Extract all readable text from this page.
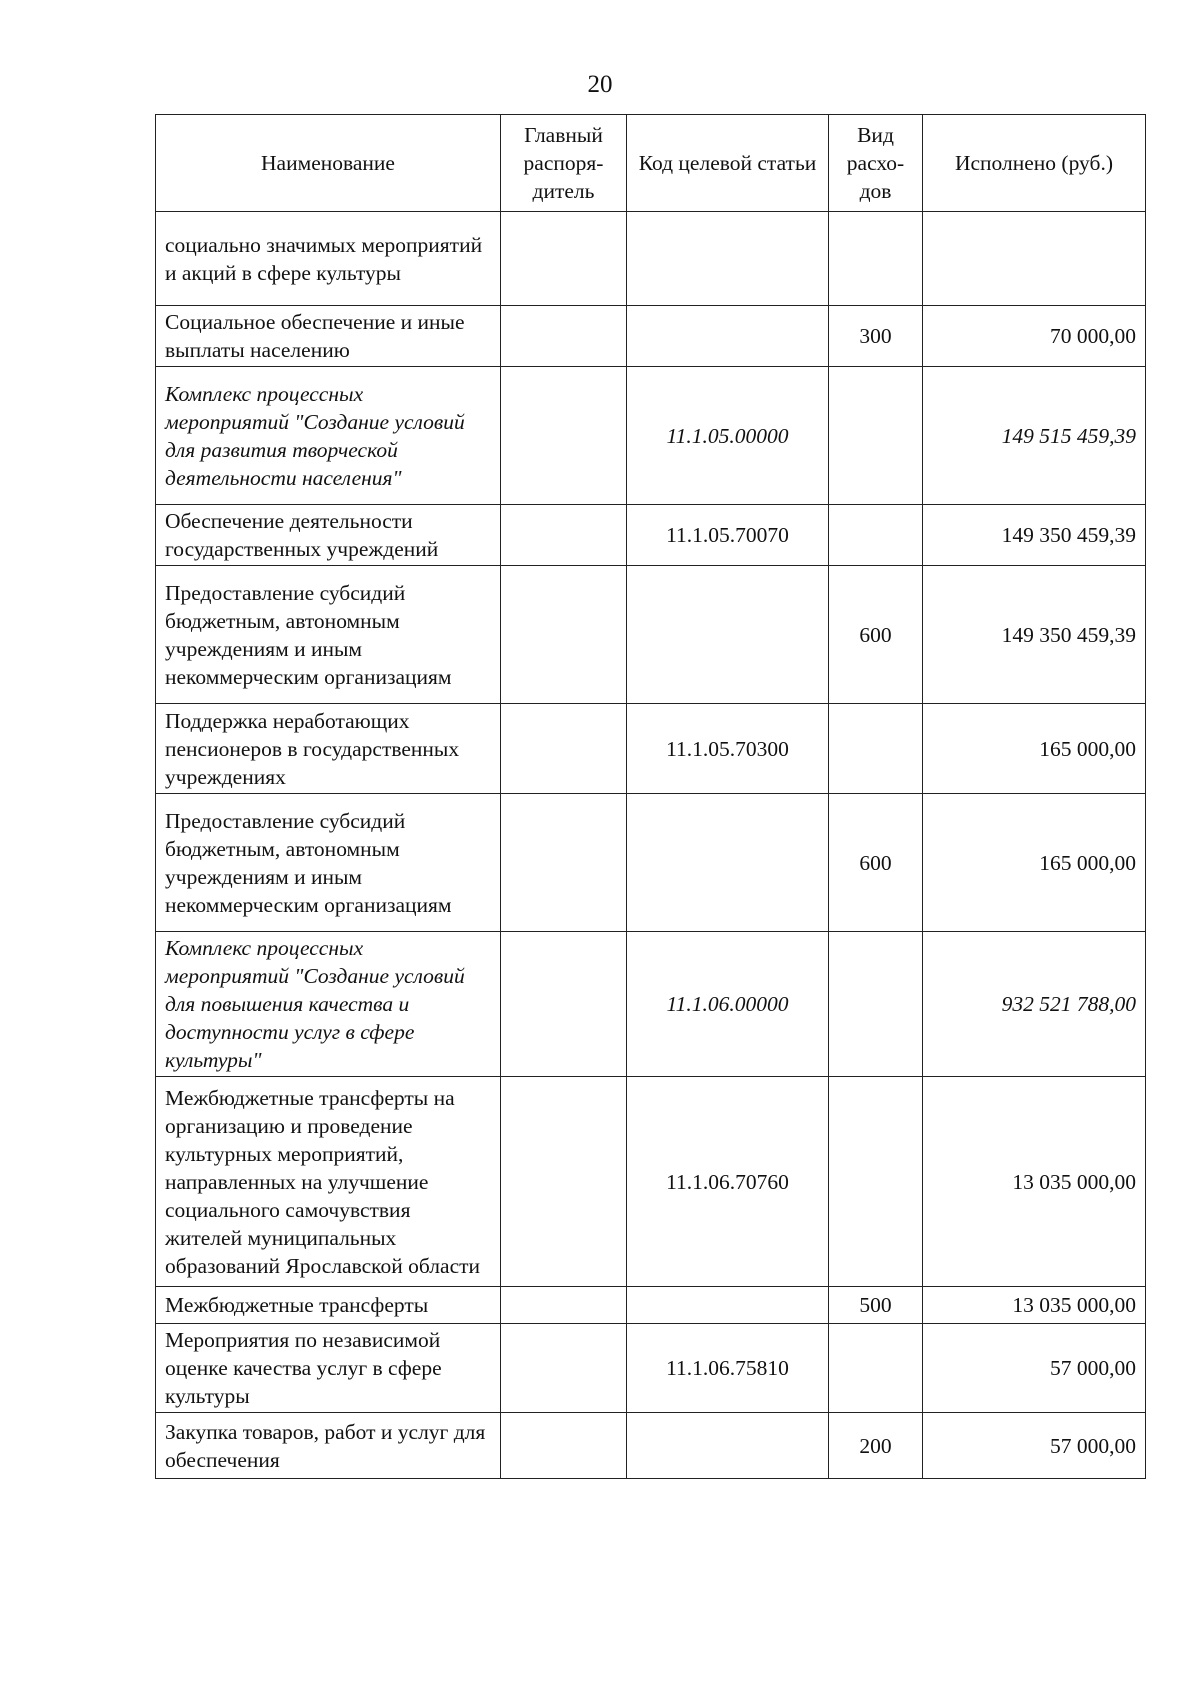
20
Наименование	Главный распоря-дитель	Код целевой статьи	Вид расхо-дов	Исполнено (руб.)
социально значимых мероприятий и акций в сфере культуры				
Социальное обеспечение и иные выплаты населению			300	70 000,00
Комплекс процессных мероприятий "Создание условий для развития творческой деятельности населения"		11.1.05.00000		149 515 459,39
Обеспечение деятельности государственных учреждений		11.1.05.70070		149 350 459,39
Предоставление субсидий бюджетным, автономным учреждениям и иным некоммерческим организациям			600	149 350 459,39
Поддержка неработающих пенсионеров в государственных учреждениях		11.1.05.70300		165 000,00
Предоставление субсидий бюджетным, автономным учреждениям и иным некоммерческим организациям			600	165 000,00
Комплекс процессных мероприятий "Создание условий для повышения качества и доступности услуг в сфере культуры"		11.1.06.00000		932 521 788,00
Межбюджетные трансферты на организацию и проведение культурных мероприятий, направленных на улучшение социального самочувствия жителей муниципальных образований Ярославской области		11.1.06.70760		13 035 000,00
Межбюджетные трансферты			500	13 035 000,00
Мероприятия по независимой оценке качества услуг в сфере культуры		11.1.06.75810		57 000,00
Закупка товаров, работ и услуг для обеспечения			200	57 000,00
